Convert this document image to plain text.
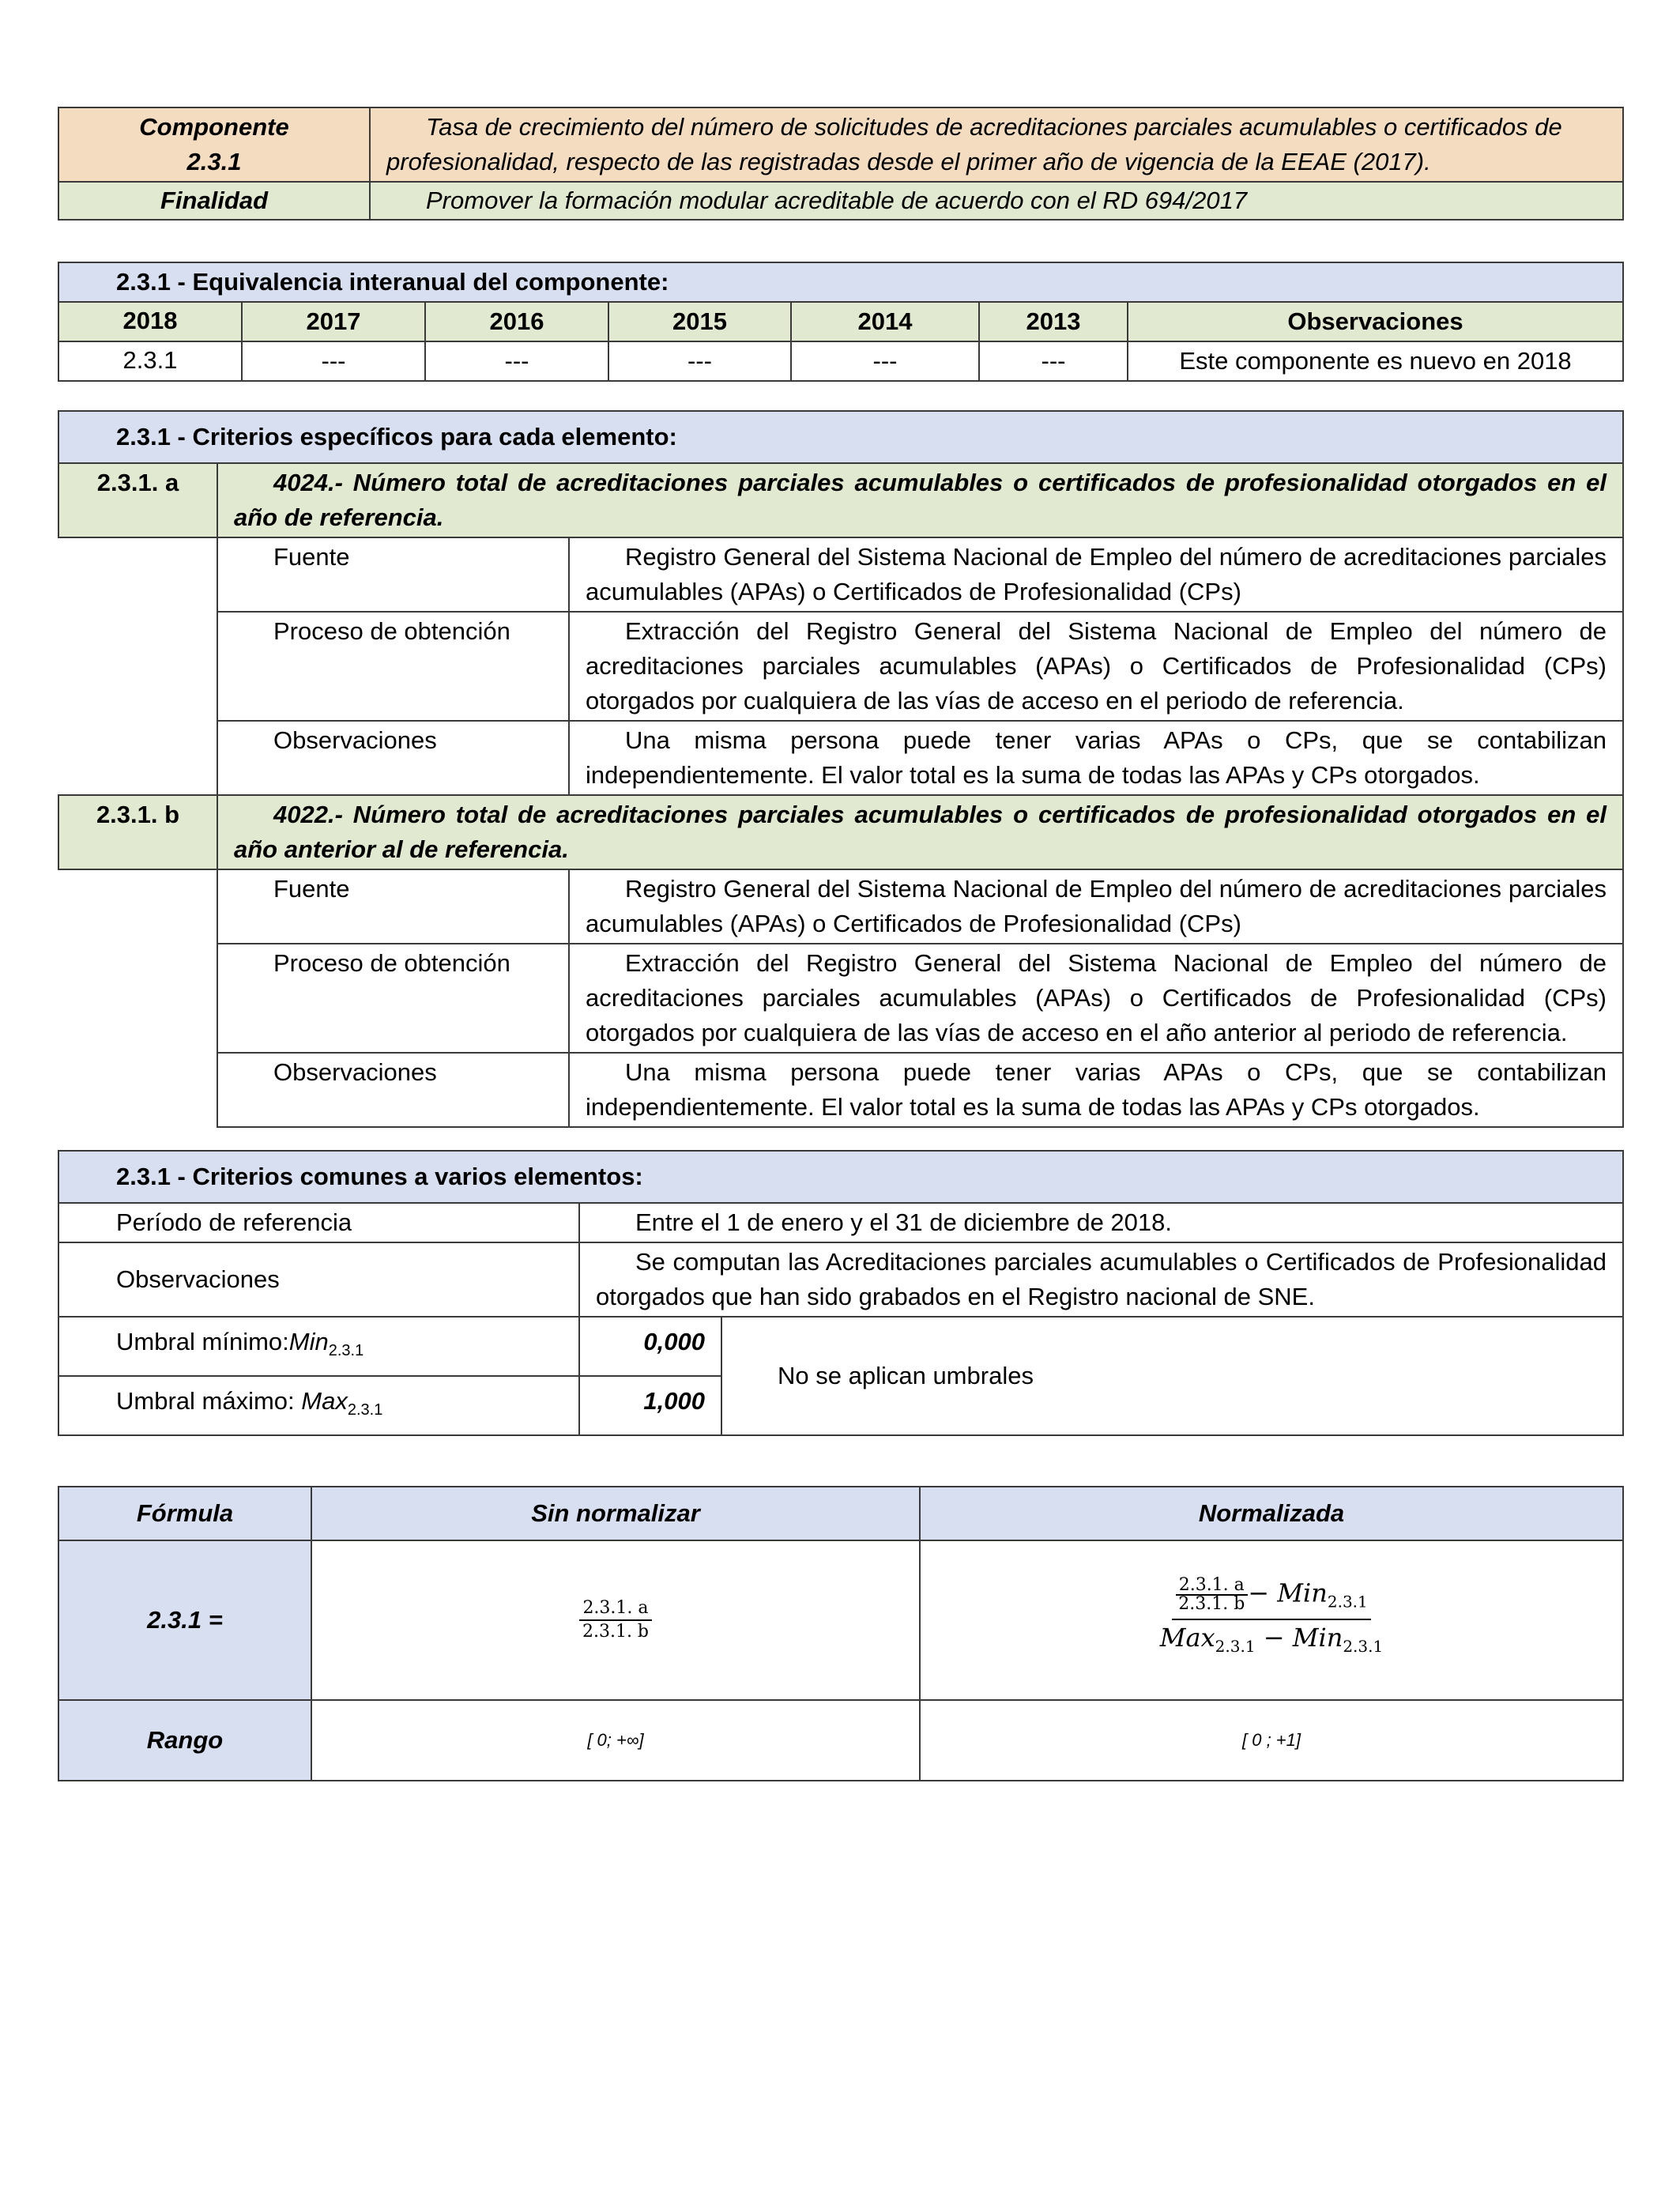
Componente
2.3.1	Tasa de crecimiento del número de solicitudes de acreditaciones parciales acumulables o certificados de profesionalidad, respecto de las registradas desde el primer año de vigencia de la EEAE (2017).
Finalidad	Promover la formación modular acreditable de acuerdo con el RD 694/2017
2.3.1 - Equivalencia interanual del componente:						
2018	2017	2016	2015	2014	2013	Observaciones
2.3.1	---	---	---	---	---	Este componente es nuevo en 2018
2.3.1 - Criterios específicos para cada elemento:		
2.3.1. a	4024.- Número total de acreditaciones parciales acumulables o certificados de profesionalidad otorgados en el año de referencia.	
	Fuente	Registro General del Sistema Nacional de Empleo del número de acreditaciones parciales acumulables (APAs) o Certificados de Profesionalidad (CPs)
	Proceso de obtención	Extracción del Registro General del Sistema Nacional de Empleo del número de acreditaciones parciales acumulables (APAs) o Certificados de Profesionalidad (CPs) otorgados por cualquiera de las vías de acceso en el periodo de referencia.
	Observaciones	Una misma persona puede tener varias APAs o CPs, que se contabilizan independientemente. El valor total es la suma de todas las APAs y CPs otorgados.
2.3.1. b	4022.- Número total de acreditaciones parciales acumulables o certificados de profesionalidad otorgados en el año anterior al de referencia.	
	Fuente	Registro General del Sistema Nacional de Empleo del número de acreditaciones parciales acumulables (APAs) o Certificados de Profesionalidad (CPs)
	Proceso de obtención	Extracción del Registro General del Sistema Nacional de Empleo del número de acreditaciones parciales acumulables (APAs) o Certificados de Profesionalidad (CPs) otorgados por cualquiera de las vías de acceso en el año anterior al periodo de referencia.
	Observaciones	Una misma persona puede tener varias APAs o CPs, que se contabilizan independientemente. El valor total es la suma de todas las APAs y CPs otorgados.
2.3.1 - Criterios comunes a varios elementos:		
Período de referencia	Entre el 1 de enero y el 31 de diciembre de 2018.	
Observaciones	Se computan las Acreditaciones parciales acumulables o Certificados de Profesionalidad otorgados que han sido grabados en el Registro nacional de SNE.	
Umbral mínimo:Min$_{2.3.1}$	0,000	No se aplican umbrales
Umbral máximo: Max$_{2.3.1}$	1,000	
Fórmula	Sin normalizar	Normalizada
2.3.1 =	$\frac{2.3.1. a}{2.3.1. b}$	$\frac{\frac{2.3.1. a}{2.3.1. b} - Min_{2.3.1}}{Max_{2.3.1} - Min_{2.3.1}}$

Rango	[ 0; +∞]	[ 0 ; +1]
